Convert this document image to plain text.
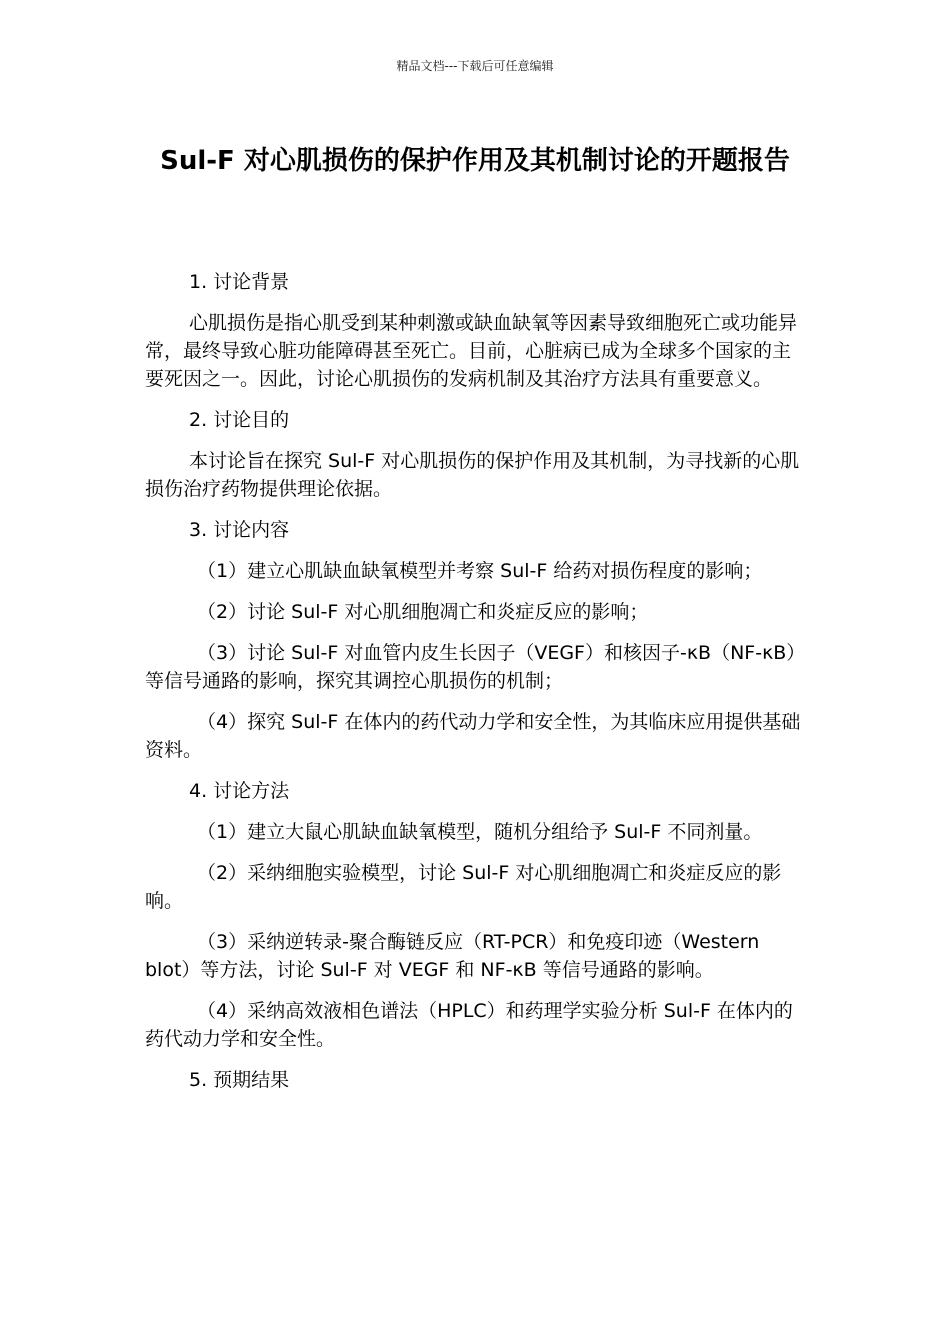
精品文档---下载后可任意编辑
Sul-F 对心肌损伤的保护作用及其机制讨论的开题报告
1. 讨论背景

心肌损伤是指心肌受到某种刺激或缺血缺氧等因素导致细胞死亡或功能异常，最终导致心脏功能障碍甚至死亡。目前，心脏病已成为全球多个国家的主要死因之一。因此，讨论心肌损伤的发病机制及其治疗方法具有重要意义。

2. 讨论目的

本讨论旨在探究 Sul-F 对心肌损伤的保护作用及其机制，为寻找新的心肌损伤治疗药物提供理论依据。

3. 讨论内容

（1）建立心肌缺血缺氧模型并考察 Sul-F 给药对损伤程度的影响；

（2）讨论 Sul-F 对心肌细胞凋亡和炎症反应的影响；

（3）讨论 Sul-F 对血管内皮生长因子（VEGF）和核因子-κB（NF-κB）等信号通路的影响，探究其调控心肌损伤的机制；

（4）探究 Sul-F 在体内的药代动力学和安全性，为其临床应用提供基础资料。

4. 讨论方法

（1）建立大鼠心肌缺血缺氧模型，随机分组给予 Sul-F 不同剂量。

（2）采纳细胞实验模型，讨论 Sul-F 对心肌细胞凋亡和炎症反应的影响。

（3）采纳逆转录-聚合酶链反应（RT-PCR）和免疫印迹（Western blot）等方法，讨论 Sul-F 对 VEGF 和 NF-κB 等信号通路的影响。

（4）采纳高效液相色谱法（HPLC）和药理学实验分析 Sul-F 在体内的药代动力学和安全性。

5. 预期结果
